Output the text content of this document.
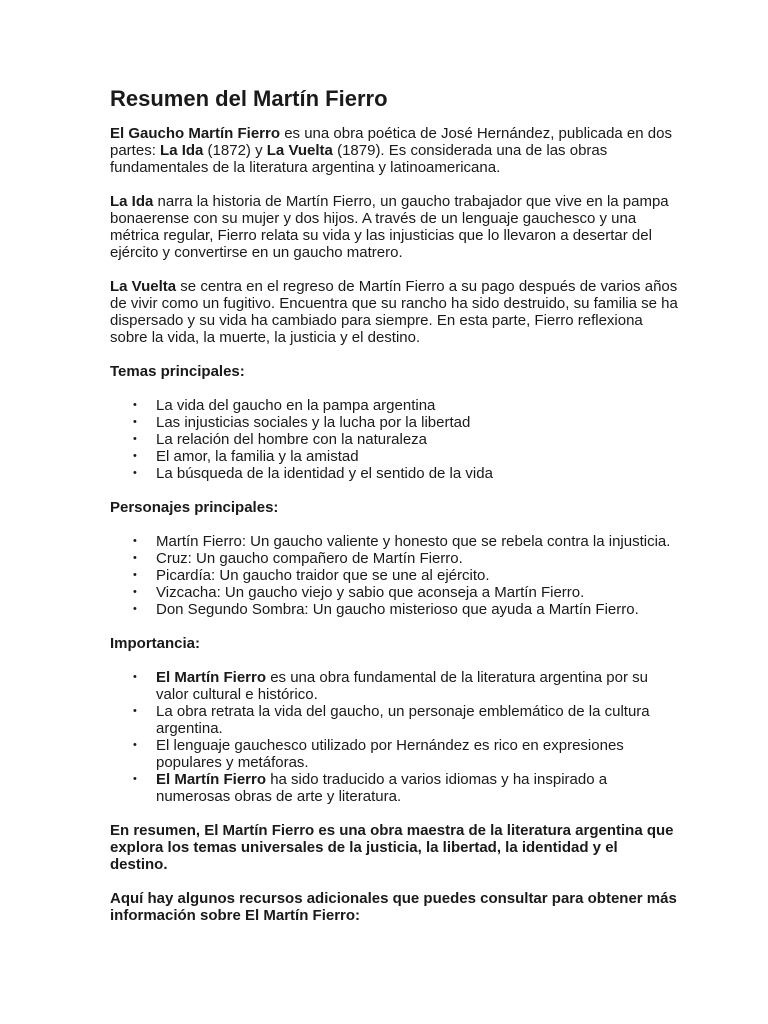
Resumen del Martín Fierro

El Gaucho Martín Fierro es una obra poética de José Hernández, publicada en dos partes: La Ida (1872) y La Vuelta (1879). Es considerada una de las obras fundamentales de la literatura argentina y latinoamericana.

La Ida narra la historia de Martín Fierro, un gaucho trabajador que vive en la pampa bonaerense con su mujer y dos hijos. A través de un lenguaje gauchesco y una métrica regular, Fierro relata su vida y las injusticias que lo llevaron a desertar del ejército y convertirse en un gaucho matrero.

La Vuelta se centra en el regreso de Martín Fierro a su pago después de varios años de vivir como un fugitivo. Encuentra que su rancho ha sido destruido, su familia se ha dispersado y su vida ha cambiado para siempre. En esta parte, Fierro reflexiona sobre la vida, la muerte, la justicia y el destino.

Temas principales:
• La vida del gaucho en la pampa argentina
• Las injusticias sociales y la lucha por la libertad
• La relación del hombre con la naturaleza
• El amor, la familia y la amistad
• La búsqueda de la identidad y el sentido de la vida
Personajes principales:
• Martín Fierro: Un gaucho valiente y honesto que se rebela contra la injusticia.
• Cruz: Un gaucho compañero de Martín Fierro.
• Picardía: Un gaucho traidor que se une al ejército.
• Vizcacha: Un gaucho viejo y sabio que aconseja a Martín Fierro.
• Don Segundo Sombra: Un gaucho misterioso que ayuda a Martín Fierro.
Importancia:
• El Martín Fierro es una obra fundamental de la literatura argentina por su valor cultural e histórico.
• La obra retrata la vida del gaucho, un personaje emblemático de la cultura argentina.
• El lenguaje gauchesco utilizado por Hernández es rico en expresiones populares y metáforas.
• El Martín Fierro ha sido traducido a varios idiomas y ha inspirado a numerosas obras de arte y literatura.

En resumen, El Martín Fierro es una obra maestra de la literatura argentina que explora los temas universales de la justicia, la libertad, la identidad y el destino.

Aquí hay algunos recursos adicionales que puedes consultar para obtener más información sobre El Martín Fierro:
